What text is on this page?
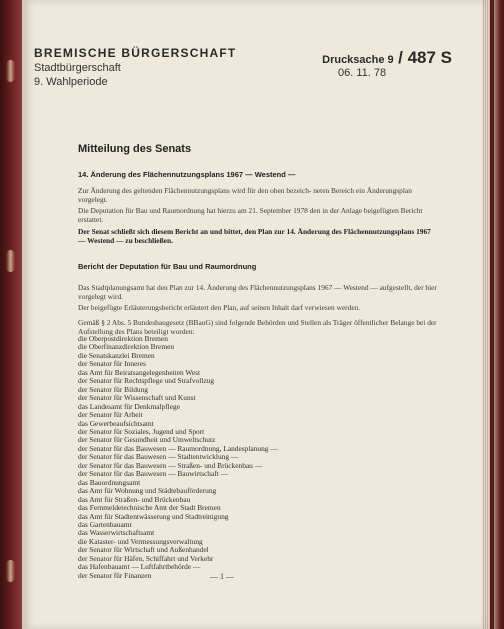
BREMISCHE BÜRGERSCHAFT
Stadtbürgerschaft
9. Wahlperiode
Drucksache 9 / 487 S
06. 11. 78
Mitteilung des Senats
14. Änderung des Flächennutzungsplans 1967 — Westend —
Zur Änderung des geltenden Flächennutzungsplans wird für den oben bezeich- neten Bereich ein Änderungsplan vorgelegt.
Die Deputation für Bau und Raumordnung hat hierzu am 21. September 1978 den in der Anlage beigefügten Bericht erstattet.
Der Senat schließt sich diesem Bericht an und bittet, den Plan zur 14. Änderung des Flächennutzungsplans 1967 — Westend — zu beschließen.
Bericht der Deputation für Bau und Raumordnung
Das Stadtplanungsamt hat den Plan zur 14. Änderung des Flächennutzungsplans 1967 — Westend — aufgestellt, der hier vorgelegt wird.
Der beigefügte Erläuterungsbericht erläutert den Plan, auf seinen Inhalt darf verwiesen werden.
Gemäß § 2 Abs. 5 Bundesbaugesetz (BBauG) sind folgende Behörden und Stellen als Träger öffentlicher Belange bei der Aufstellung des Plans beteiligt worden:
die Oberpostdirektion Bremen
die Oberfinanzdirektion Bremen
die Senatskanzlei Bremen
der Senator für Inneres
das Amt für Beiratsangelegenheiten West
der Senator für Rechtspflege und Strafvollzug
der Senator für Bildung
der Senator für Wissenschaft und Kunst
das Landesamt für Denkmalpflege
der Senator für Arbeit
das Gewerbeaufsichtsamt
der Senator für Soziales, Jugend und Sport
der Senator für Gesundheit und Umweltschutz
der Senator für das Bauwesen — Raumordnung, Landesplanung —
der Senator für das Bauwesen — Stadtentwicklung —
der Senator für das Bauwesen — Straßen- und Brückenbau —
der Senator für das Bauwesen — Bauwirtschaft —
das Bauordnungsamt
das Amt für Wohnung und Städtebauförderung
das Amt für Straßen- und Brückenbau
das Fernmeldetechnische Amt der Stadt Bremen
das Amt für Stadtentwässerung und Stadtreinigung
das Gartenbauamt
das Wasserwirtschaftsamt
die Kataster- und Vermessungsverwaltung
der Senator für Wirtschaft und Außenhandel
der Senator für Häfen, Schiffahrt und Verkehr
das Hafenbauamt — Luftfahrtbehörde —
der Senator für Finanzen	— 1 —
